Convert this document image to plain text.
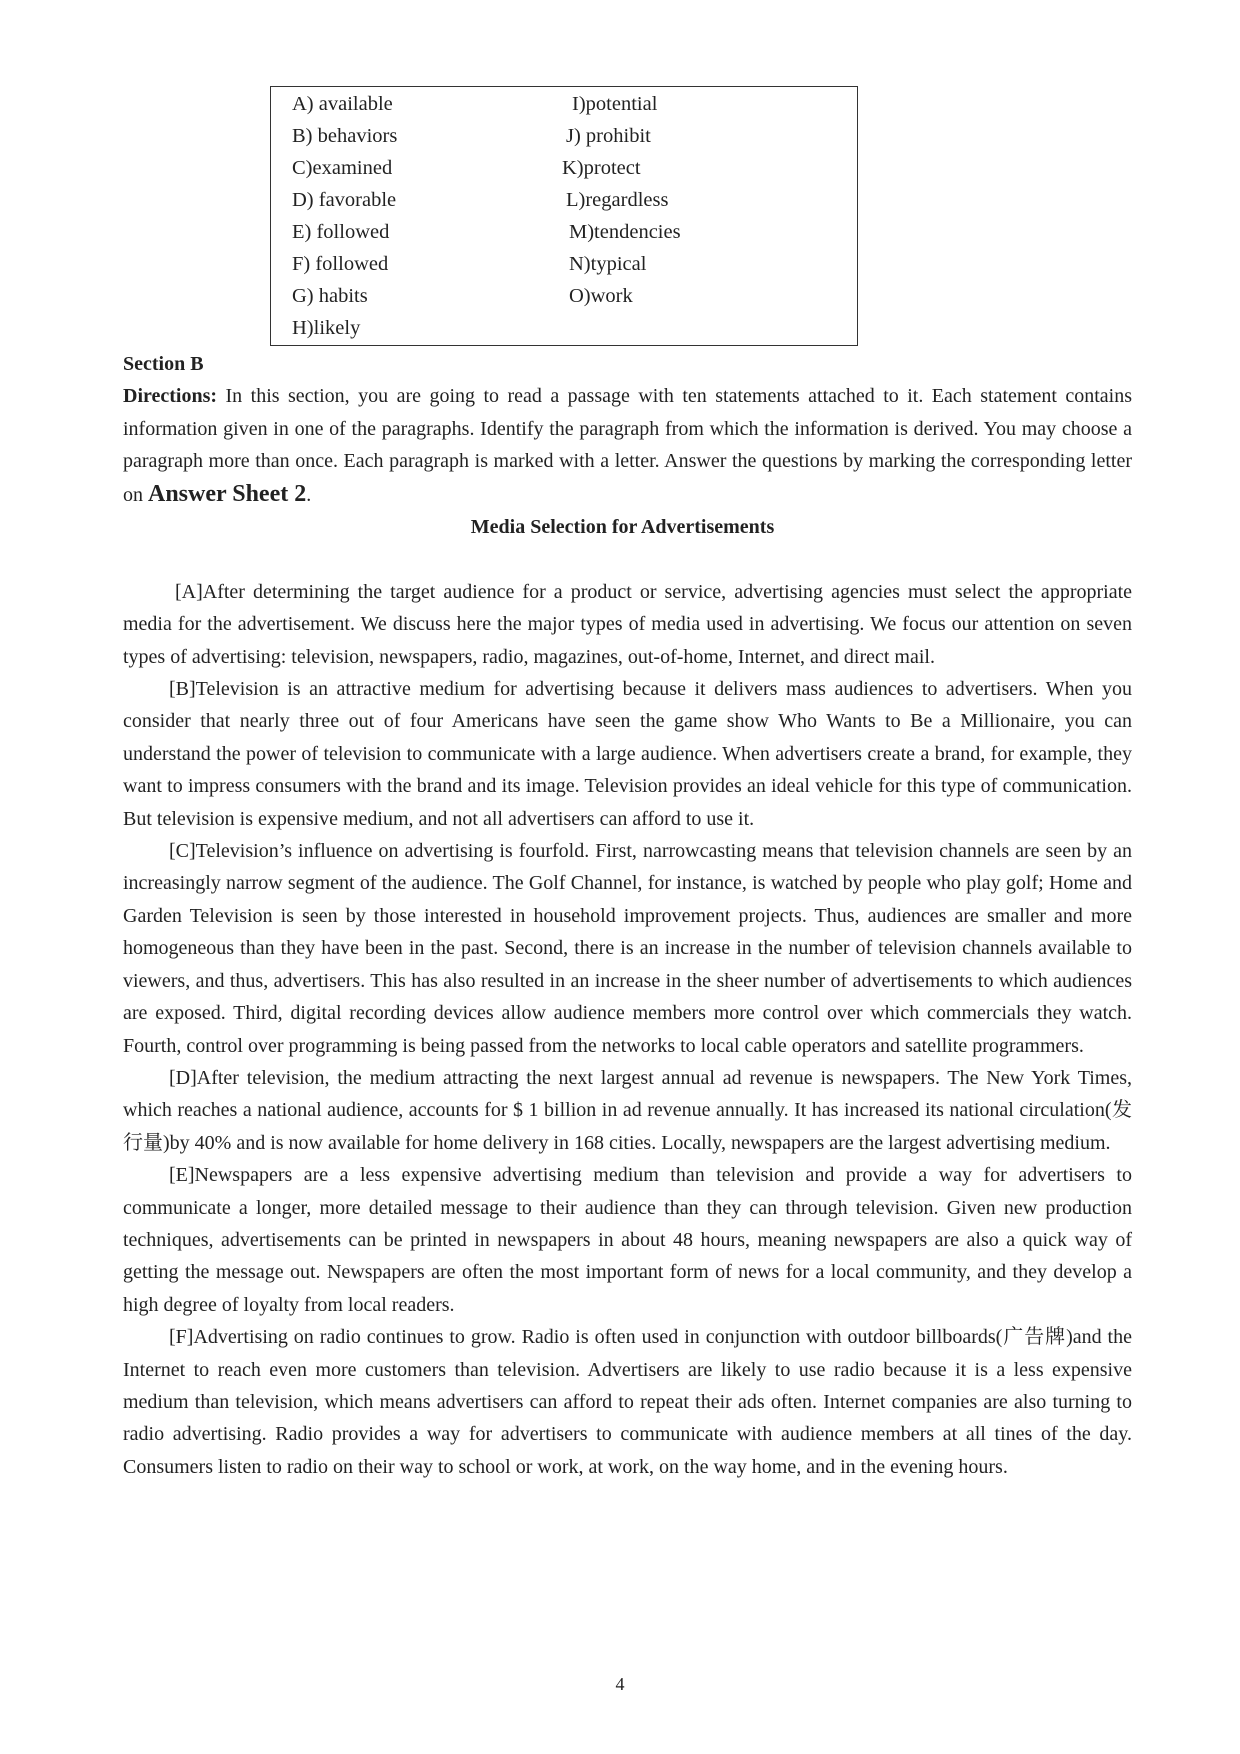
A) available
B) behaviors
C)examined
D) favorable
E) followed
F) followed
G) habits
H)likely
I)potential
J) prohibit
K)protect
L)regardless
M)tendencies
N)typical
O)work

Section B

Directions: In this section, you are going to read a passage with ten statements attached to it. Each statement contains information given in one of the paragraphs. Identify the paragraph from which the information is derived. You may choose a paragraph more than once. Each paragraph is marked with a letter. Answer the questions by marking the corresponding letter on Answer Sheet 2.

Media Selection for Advertisements

[A]After determining the target audience for a product or service, advertising agencies must select the appropriate media for the advertisement. We discuss here the major types of media used in advertising. We focus our attention on seven types of advertising: television, newspapers, radio, magazines, out-of-home, Internet, and direct mail.

[B]Television is an attractive medium for advertising because it delivers mass audiences to advertisers. When you consider that nearly three out of four Americans have seen the game show Who Wants to Be a Millionaire, you can understand the power of television to communicate with a large audience. When advertisers create a brand, for example, they want to impress consumers with the brand and its image. Television provides an ideal vehicle for this type of communication. But television is expensive medium, and not all advertisers can afford to use it.

[C]Television’s influence on advertising is fourfold. First, narrowcasting means that television channels are seen by an increasingly narrow segment of the audience. The Golf Channel, for instance, is watched by people who play golf; Home and Garden Television is seen by those interested in household improvement projects. Thus, audiences are smaller and more homogeneous than they have been in the past. Second, there is an increase in the number of television channels available to viewers, and thus, advertisers. This has also resulted in an increase in the sheer number of advertisements to which audiences are exposed. Third, digital recording devices allow audience members more control over which commercials they watch. Fourth, control over programming is being passed from the networks to local cable operators and satellite programmers.

[D]After television, the medium attracting the next largest annual ad revenue is newspapers. The New York Times, which reaches a national audience, accounts for $ 1 billion in ad revenue annually. It has increased its national circulation(发行量)by 40% and is now available for home delivery in 168 cities. Locally, newspapers are the largest advertising medium.

[E]Newspapers are a less expensive advertising medium than television and provide a way for advertisers to communicate a longer, more detailed message to their audience than they can through television. Given new production techniques, advertisements can be printed in newspapers in about 48 hours, meaning newspapers are also a quick way of getting the message out. Newspapers are often the most important form of news for a local community, and they develop a high degree of loyalty from local readers.

[F]Advertising on radio continues to grow. Radio is often used in conjunction with outdoor billboards(广告牌)and the Internet to reach even more customers than television. Advertisers are likely to use radio because it is a less expensive medium than television, which means advertisers can afford to repeat their ads often. Internet companies are also turning to radio advertising. Radio provides a way for advertisers to communicate with audience members at all tines of the day. Consumers listen to radio on their way to school or work, at work, on the way home, and in the evening hours.

4
